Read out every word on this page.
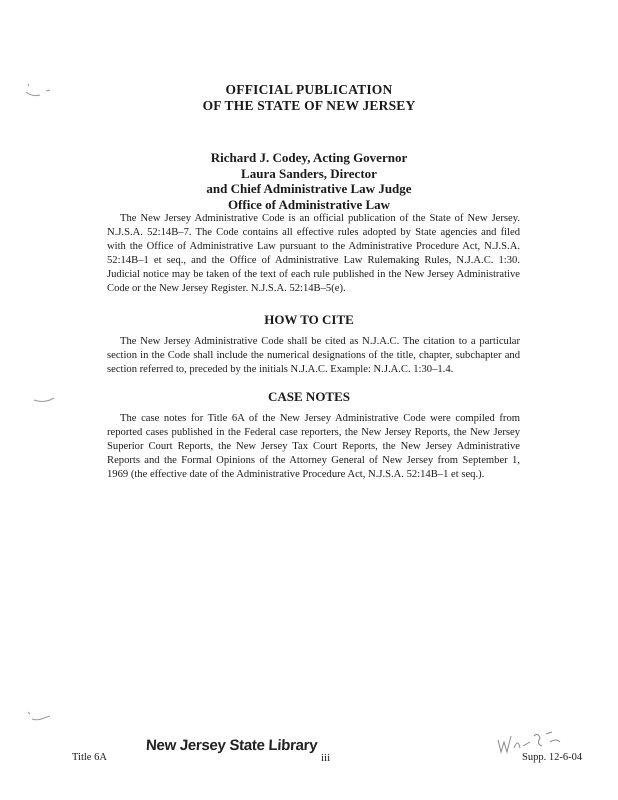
OFFICIAL PUBLICATION
OF THE STATE OF NEW JERSEY
Richard J. Codey, Acting Governor
Laura Sanders, Director
and Chief Administrative Law Judge
Office of Administrative Law

The New Jersey Administrative Code is an official publication of the State of New Jersey. N.J.S.A. 52:14B–7. The Code contains all effective rules adopted by State agencies and filed with the Office of Administrative Law pursuant to the Administrative Procedure Act, N.J.S.A. 52:14B–1 et seq., and the Office of Administrative Law Rulemaking Rules, N.J.A.C. 1:30. Judicial notice may be taken of the text of each rule published in the New Jersey Administrative Code or the New Jersey Register. N.J.S.A. 52:14B–5(e).

HOW TO CITE

The New Jersey Administrative Code shall be cited as N.J.A.C. The citation to a particular section in the Code shall include the numerical designations of the title, chapter, subchapter and section referred to, preceded by the initials N.J.A.C. Example: N.J.A.C. 1:30–1.4.

CASE NOTES

The case notes for Title 6A of the New Jersey Administrative Code were compiled from reported cases published in the Federal case reporters, the New Jersey Reports, the New Jersey Superior Court Reports, the New Jersey Tax Court Reports, the New Jersey Administrative Reports and the Formal Opinions of the Attorney General of New Jersey from September 1, 1969 (the effective date of the Administrative Procedure Act, N.J.S.A. 52:14B–1 et seq.).

Title 6A
New Jersey State Library
iii	Supp. 12-6-04
